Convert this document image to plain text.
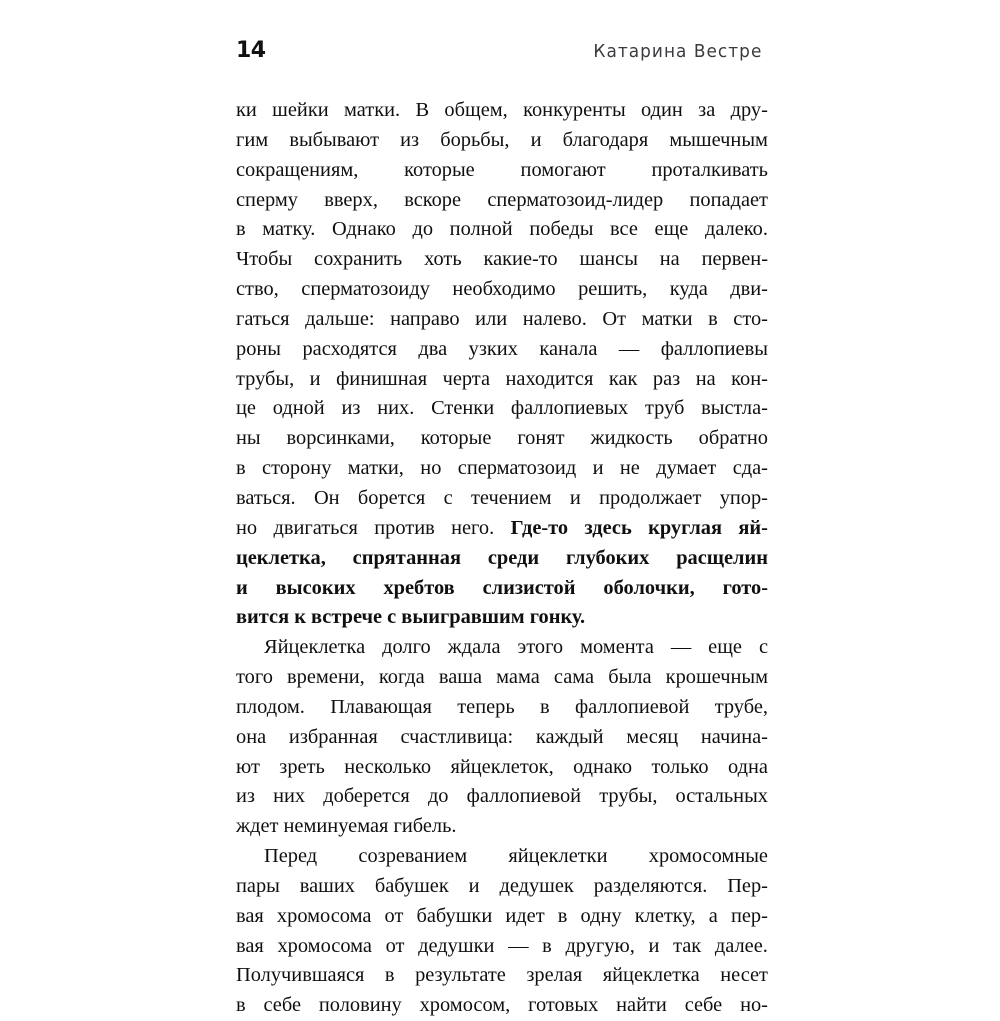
14	Катарина Вестре
ки шейки матки. В общем, конкуренты один за дру-
гим выбывают из борьбы, и благодаря мышечным
сокращениям, которые помогают проталкивать
сперму вверх, вскоре сперматозоид-лидер попадает
в матку. Однако до полной победы все еще далеко.
Чтобы сохранить хоть какие-то шансы на первен-
ство, сперматозоиду необходимо решить, куда дви-
гаться дальше: направо или налево. От матки в сто-
роны расходятся два узких канала — фаллопиевы
трубы, и финишная черта находится как раз на кон-
це одной из них. Стенки фаллопиевых труб выстла-
ны ворсинками, которые гонят жидкость обратно
в сторону матки, но сперматозоид и не думает сда-
ваться. Он борется с течением и продолжает упор-
но двигаться против него. Где-то здесь круглая яй-
цеклетка, спрятанная среди глубоких расщелин
и высоких хребтов слизистой оболочки, гото-
вится к встрече с выигравшим гонку.
Яйцеклетка долго ждала этого момента — еще с
того времени, когда ваша мама сама была крошечным
плодом. Плавающая теперь в фаллопиевой трубе,
она избранная счастливица: каждый месяц начина-
ют зреть несколько яйцеклеток, однако только одна
из них доберется до фаллопиевой трубы, остальных
ждет неминуемая гибель.
Перед созреванием яйцеклетки хромосомные
пары ваших бабушек и дедушек разделяются. Пер-
вая хромосома от бабушки идет в одну клетку, а пер-
вая хромосома от дедушки — в другую, и так далее.
Получившаяся в результате зрелая яйцеклетка несет
в себе половину хромосом, готовых найти себе но-
